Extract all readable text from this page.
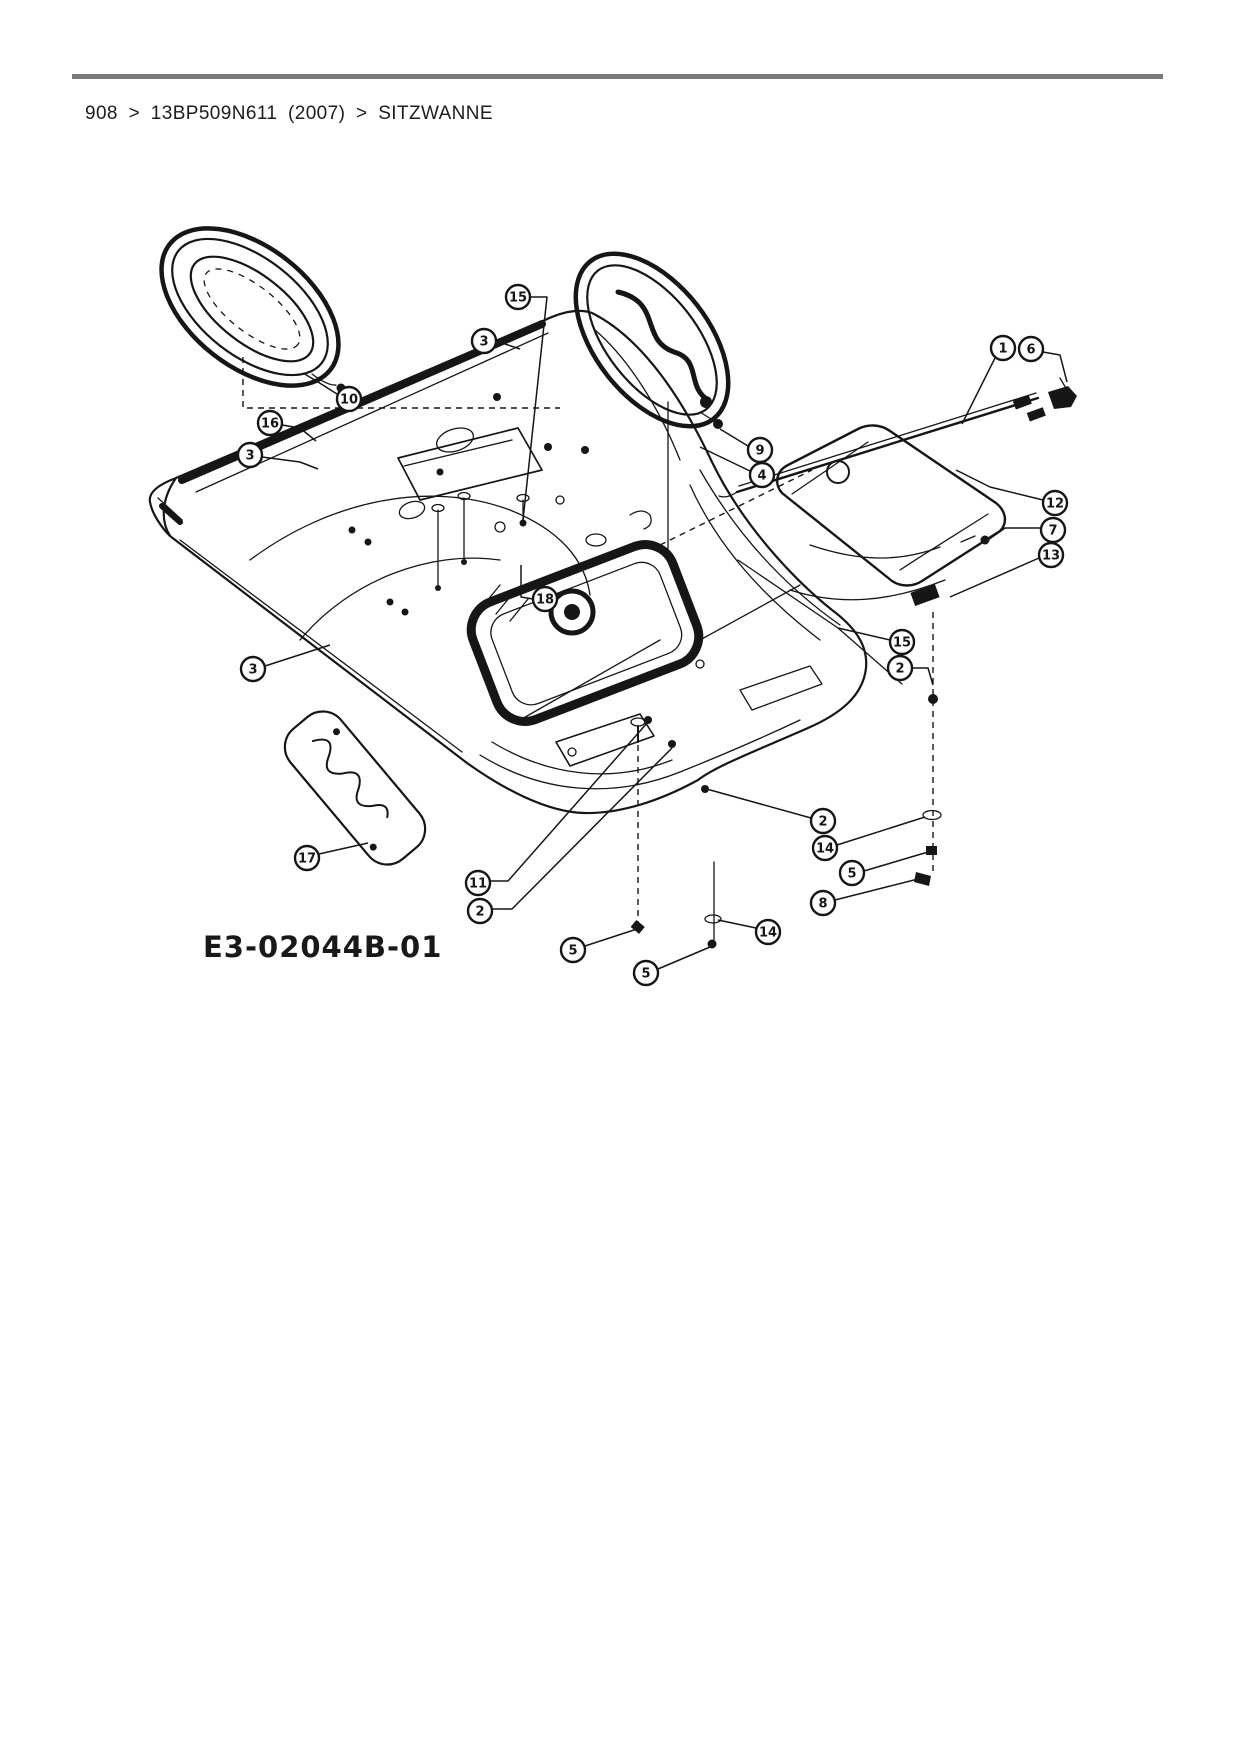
908 > 13BP509N611 (2007) > SITZWANNE
E3-02044B-01
15
3
10
16
3
1 6
9
4
12
7
13
18
15
2
3
17
11
2
2
14
5
8
5
5
14
